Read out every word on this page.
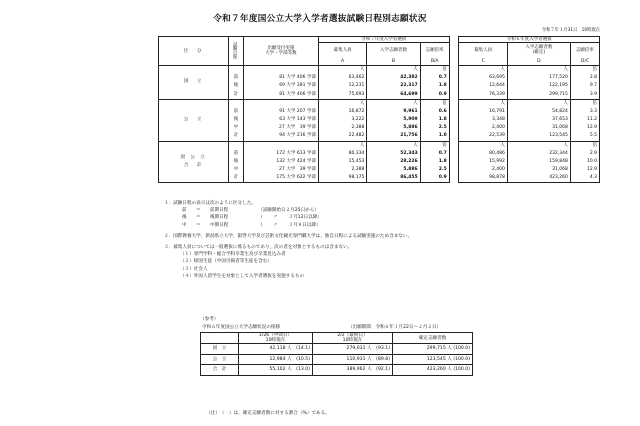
令和７年度国公立大学入学者選抜試験日程別志願状況
令和７年１月31日　10時現在
区　分	試験日程	出願受付実施
大学・学部等数	令和７年度入学者選抜				令和６年度入学者選抜		
			募集人員	入学志願者数	志願倍率		募集人員	入学志願者数
(確定)	志願倍率
			A	B	B/A		C	D	D/C
国　立			人	人	倍		人	人	倍
	前	81 大学 406 学部	63,462	42,382	0.7		63,695	177,520	2.8
	後	69 大学 281 学部	12,231	22,317	1.8		12,644	122,195	9.7
	計	81 大学 406 学部	75,693	64,699	0.9		76,339	299,715	3.9
公　立			人	人	倍		人	人	倍
	前	91 大学 207 学部	16,872	9,961	0.6		16,791	54,824	3.3
	後	63 大学 143 学部	3,222	5,909	1.8		3,348	37,653	11.2
	中	27 大学　39 学部	2,388	5,886	2.5		2,400	31,068	12.9
	計	94 大学 216 学部	22,482	21,756	1.0		22,539	123,545	5.5
国 公 立
合　計			人	人	倍		人	人	倍
	前	172 大学 613 学部	80,334	52,343	0.7		80,486	232,344	2.9
	後	132 大学 424 学部	15,453	28,226	1.8		15,992	159,848	10.0
	中	27 大学　39 学部	2,388	5,886	2.5		2,400	31,068	12.9
	計	175 大学 622 学部	98,175	86,455	0.9		98,878	423,260	4.3
１．試験日程の表示は次のように区分した。
前 ＝ 前期日程	（試験開始日２月25日から）
後 ＝ 後期日程	（　　 〃 　　３月12日以降）
中 ＝ 中期日程	（　　 〃 　　３月８日以降）
２．国際教養大学，新潟県立大学，叡啓大学及び芸術文化観光専門職大学は，独自日程による試験実施のため含まない。
３．募集人員については一般選抜に係るものであり，次の者を対象とするものは含まない。
（１）専門学科・総合学科卒業生及び卒業見込み者
（２）帰国生徒（中国引揚者等生徒を含む）
（３）社会人
（４）外国人留学生を対象として入学者選抜を実施するもの
（参考）
令和６年度国公立大学志願状況の推移	（出願期間　令和６年１月22日～２月２日）
	1/26（中間日）
10時現在	2/2（最終日）
10時現在	確定志願者数
国　立	42,118 人　(14.1)	279,031 人　(93.1)	299,715 人 (100.0)
公　立	12,984 人　(10.5)	110,931 人　(89.8)	123,545 人 (100.0)
合　計	55,102 人　(13.0)	389,962 人　(92.1)	423,260 人 (100.0)
（注）　（　）は，確定志願者数に対する割合（%）である。
